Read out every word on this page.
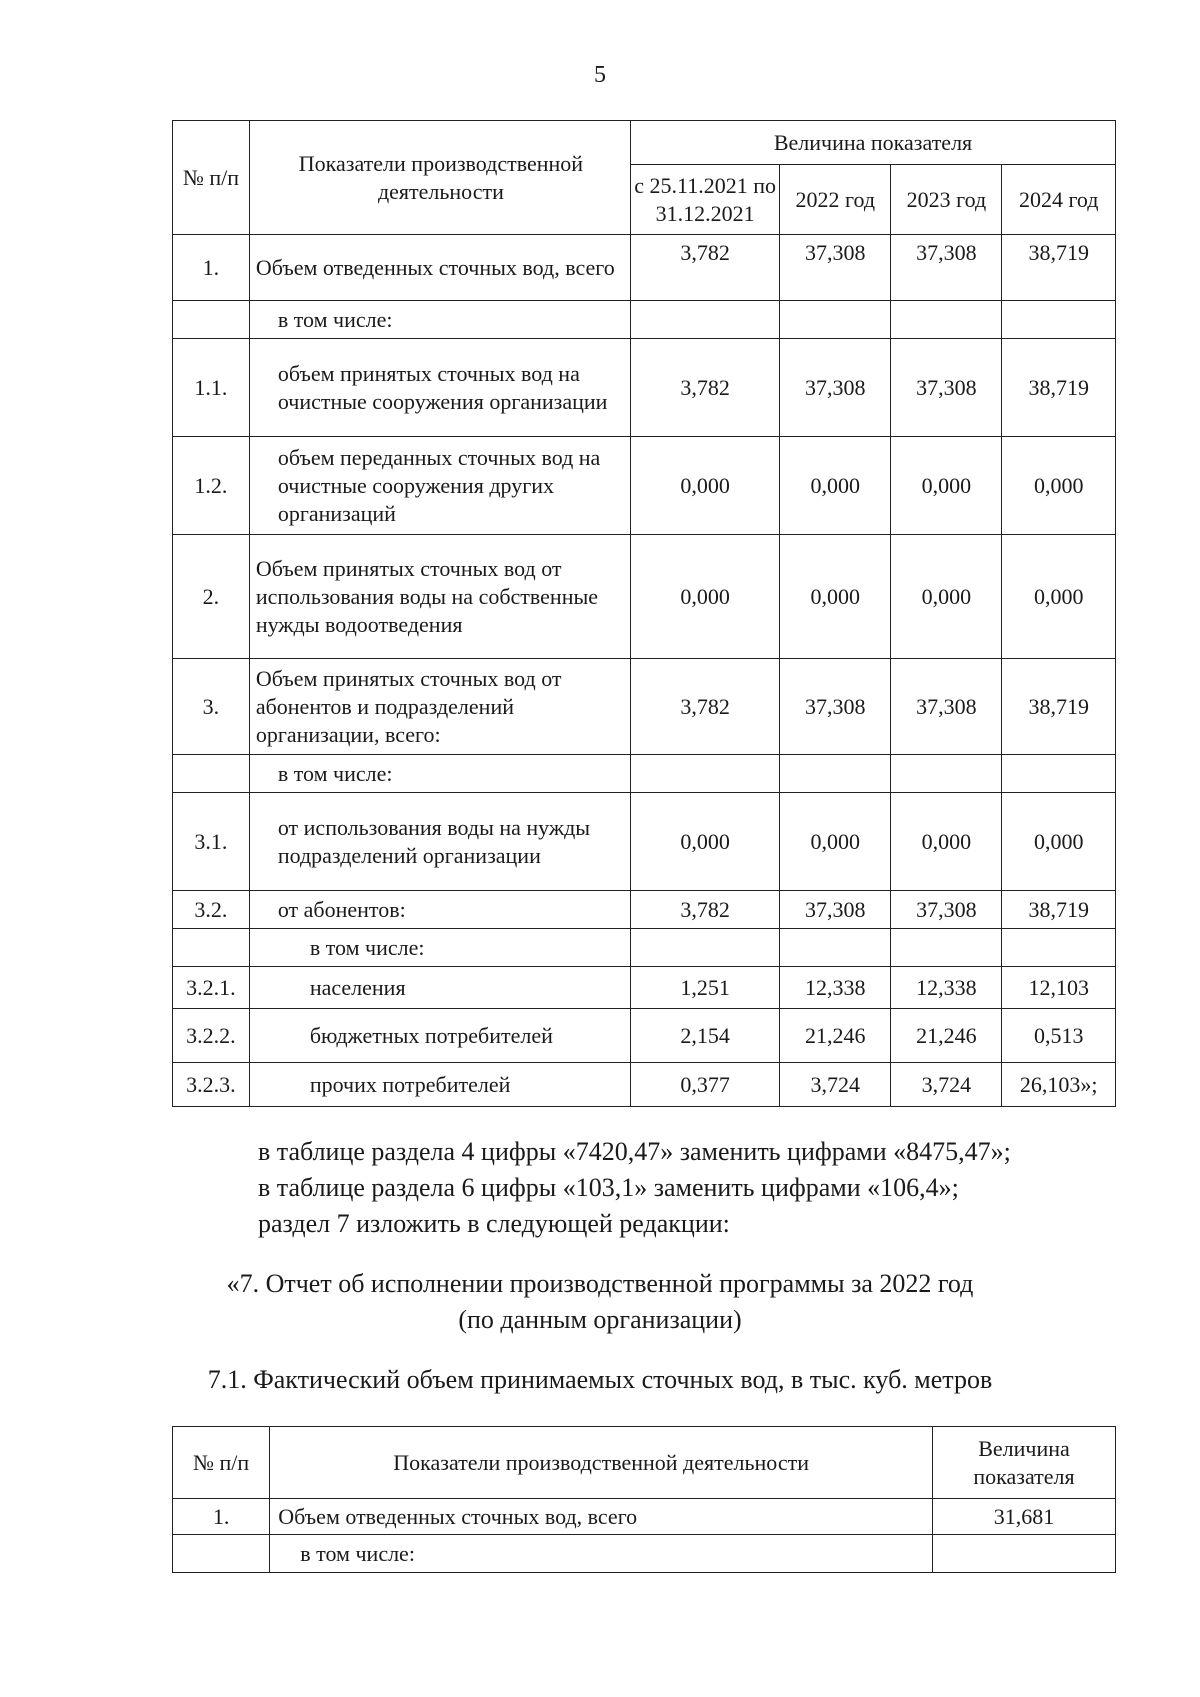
5
№ п/п	Показатели производственной деятельности	Величина показателя			
		с 25.11.2021 по 31.12.2021	2022 год	2023 год	2024 год
1.	Объем отведенных сточных вод, всего	3,782	37,308	37,308	38,719
	в том числе:				
1.1.	объем принятых сточных вод на очистные сооружения организации	3,782	37,308	37,308	38,719
1.2.	объем переданных сточных вод на очистные сооружения других организаций	0,000	0,000	0,000	0,000
2.	Объем принятых сточных вод от использования воды на собственные нужды водоотведения	0,000	0,000	0,000	0,000
3.	Объем принятых сточных вод от абонентов и подразделений организации, всего:	3,782	37,308	37,308	38,719
	в том числе:				
3.1.	от использования воды на нужды подразделений организации	0,000	0,000	0,000	0,000
3.2.	от абонентов:	3,782	37,308	37,308	38,719
	в том числе:				
3.2.1.	населения	1,251	12,338	12,338	12,103
3.2.2.	бюджетных потребителей	2,154	21,246	21,246	0,513
3.2.3.	прочих потребителей	0,377	3,724	3,724	26,103»;
в таблице раздела 4 цифры «7420,47» заменить цифрами «8475,47»;
в таблице раздела 6 цифры «103,1» заменить цифрами «106,4»;
раздел 7 изложить в следующей редакции:
«7. Отчет об исполнении производственной программы за 2022 год
(по данным организации)
7.1. Фактический объем принимаемых сточных вод, в тыс. куб. метров
№ п/п	Показатели производственной деятельности	Величина показателя
1.	Объем отведенных сточных вод, всего	31,681
	в том числе:	
